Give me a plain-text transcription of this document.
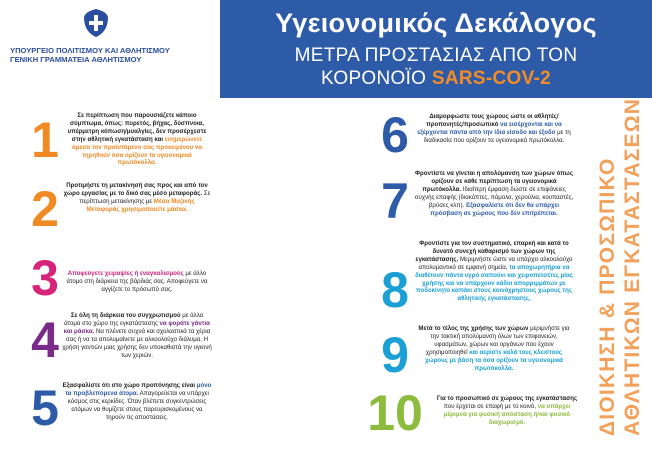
ΥΠΟΥΡΓΕΙΟ ΠΟΛΙΤΙΣΜΟΥ ΚΑΙ ΑΘΛΗΤΙΣΜΟΥ
ΓΕΝΙΚΗ ΓΡΑΜΜΑΤΕΙΑ ΑΘΛΗΤΙΣΜΟΥ
Υγειονομικός Δεκάλογος
ΜΕΤΡΑ ΠΡΟΣΤΑΣΙΑΣ ΑΠΟ ΤΟΝ
ΚΟΡΟΝΟΪΟ SARS-COV-2
1	Σε περίπτωση που παρουσιάζετε κάποιο σύμπτωμα, όπως: πυρετός, βήχας, δύσπνοια, υπέρμετρη κόπωση/μυαλγίες, δεν προσέρχεστε στην αθλητική εγκατάσταση και ενημερώνετε άμεσα τον προϊστάμενο σας προκειμένου να τηρηθούν όσα ορίζουν τα υγειονομικά πρωτόκολλα.
2	Προτιμήστε τη μετακίνησή σας προς και από τον χώρο εργασίας με το δικό σας μέσο μεταφοράς. Σε περίπτωση μετακίνησης με Μέσα Μαζικής Μεταφοράς χρησιμοποιείτε μάσκα.
3	Αποφεύγετε χειραψίες ή εναγκαλισμούς με άλλο άτομο στη διάρκεια της βάρδιάς σας. Αποφεύγετε να αγγίζετε το πρόσωπό σας.
4	Σε όλη τη διάρκεια του συγχρωτισμού με άλλα άτομα στο χώρο της εγκατάστασης να φοράτε γάντια και μάσκα. Να πλένετε συχνά και σχολαστικά τα χέρια σας ή να τα απολυμαίνετε με αλκοολούχο διάλυμα. Η χρήση γαντιών μιας χρήσης δεν υποκαθιστά την υγιεινή των χεριών.
5 Εξασφαλίστε ότι στο χώρο προπόνησης είναι μόνο τα προβλεπόμενα άτομα. Απαγορεύεται να υπάρχει κόσμος στις κερκίδες. Όταν βλέπετε συγκεντρώσεις ατόμων να θυμίζετε στους παρευρισκομένους να τηρούν τις αποστάσεις.
6	Διαμορφώστε τους χώρους ώστε οι αθλητές/προπονητές/προσωπικό να εισέρχονται και να εξέρχονται πάντα από την ίδια είσοδο και έξοδο με τη διαδικασία που ορίζουν τα υγειονομικά πρωτόκολλα.
7 Φροντίστε να γίνεται η απολύμανση των χώρων όπως ορίζουν σε κάθε περίπτωση τα υγειονομικά πρωτόκολλα. Ιδιαίτερη έμφαση δώστε σε επιφάνειες συχνής επαφής (διακόπτες, πόμολα, χερούλια, κουπαστές, βρύσες κλπ). Εξασφαλίστε ότι δεν θα υπάρχει πρόσβαση σε χώρους που δεν επιτρέπεται.
8
Φροντίστε για τον συστηματικό, επαρκή και κατά το δυνατό συνεχή καθαρισμό των χώρων της εγκατάστασης. Μεριμνήστε ώστε να υπάρχει αλκοολούχο απολυμαντικό σε εμφανή σημεία, τα αποχωρητήρια να διαθέτουν πάντα υγρό σαπούνι και χειροπετσέτες μίας χρήσης και να υπάρχουν κάδοι απορριμμάτων με ποδοκίνητο καπάκι στους κοινόχρηστους χώρους της αθλητικής εγκατάστασης.
9	Μετά το τέλος της χρήσης των χώρων μεριμνήστε για την τακτική απολύμανση όλων των επιφανειών, υφασμάτων, χώρων και οργάνων που έχουν χρησιμοποιηθεί και αερίστε καλά τους κλειστούς χώρους με βάση τα όσα ορίζουν τα υγειονομικά πρωτόκολλα.
10	Για το προσωπικό σε χώρους της εγκατάστασης που έρχεται σε επαφή με το κοινό, να υπάρχει μέριμνα για φυσική απόσταση ή/και φυσικό διαχωρισμό.	ΔΙΟΙΚΗΣΗ & ΠΡΟΣΩΠΙΚΟ ΑΘΛΗΤΙΚΩΝ ΕΓΚΑΤΑΣΤΑΣΕΩΝ
